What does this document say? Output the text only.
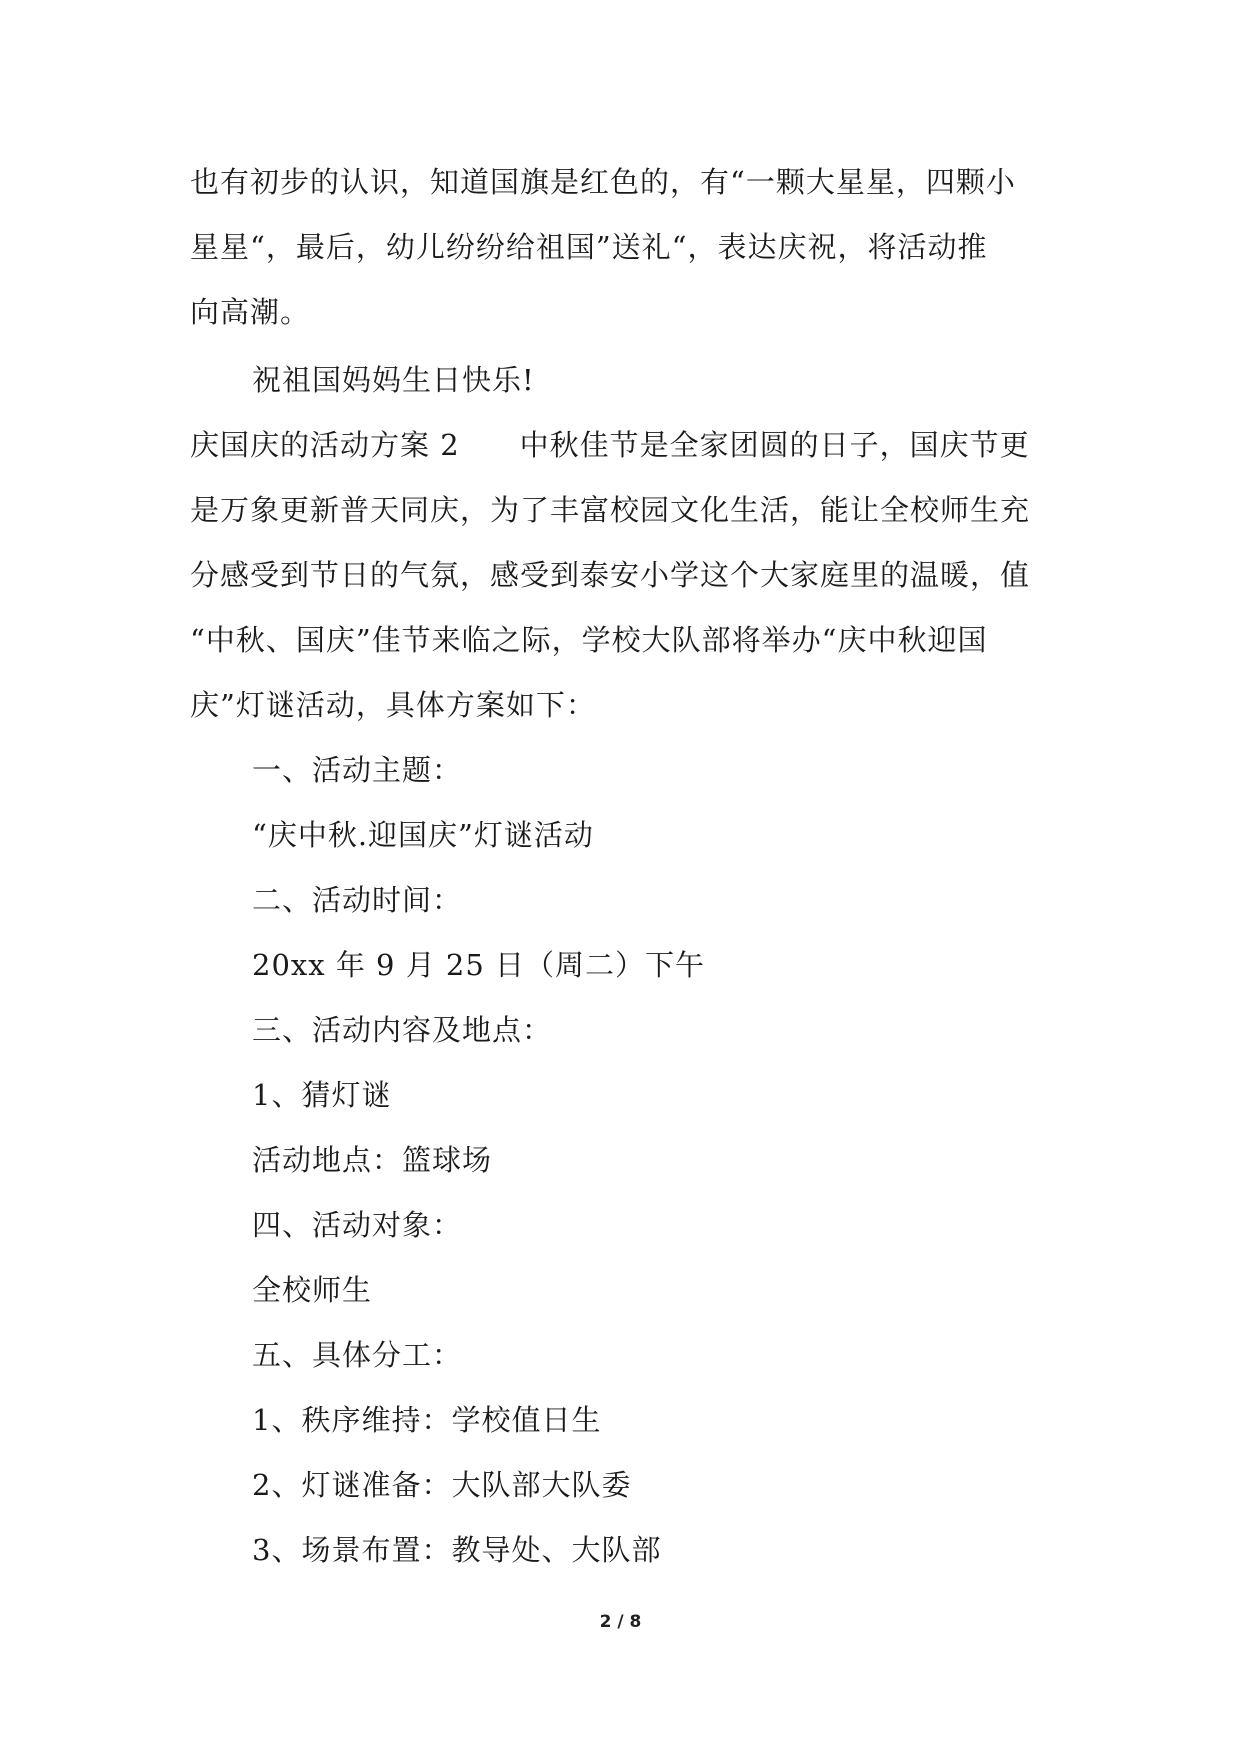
也有初步的认识，知道国旗是红色的，有“一颗大星星，四颗小
星星“，最后，幼儿纷纷给祖国”送礼“，表达庆祝，将活动推
向高潮。
祝祖国妈妈生日快乐!
庆国庆的活动方案 2 中秋佳节是全家团圆的日子，国庆节更
是万象更新普天同庆，为了丰富校园文化生活，能让全校师生充
分感受到节日的气氛，感受到泰安小学这个大家庭里的温暖，值
“中秋、国庆”佳节来临之际，学校大队部将举办“庆中秋迎国
庆”灯谜活动，具体方案如下：
一、活动主题：
“庆中秋.迎国庆”灯谜活动
二、活动时间：
20xx 年 9 月 25 日（周二）下午
三、活动内容及地点：
1、猜灯谜
活动地点：篮球场
四、活动对象：
全校师生
五、具体分工：
1、秩序维持：学校值日生
2、灯谜准备：大队部大队委
3、场景布置：教导处、大队部
2 / 8
